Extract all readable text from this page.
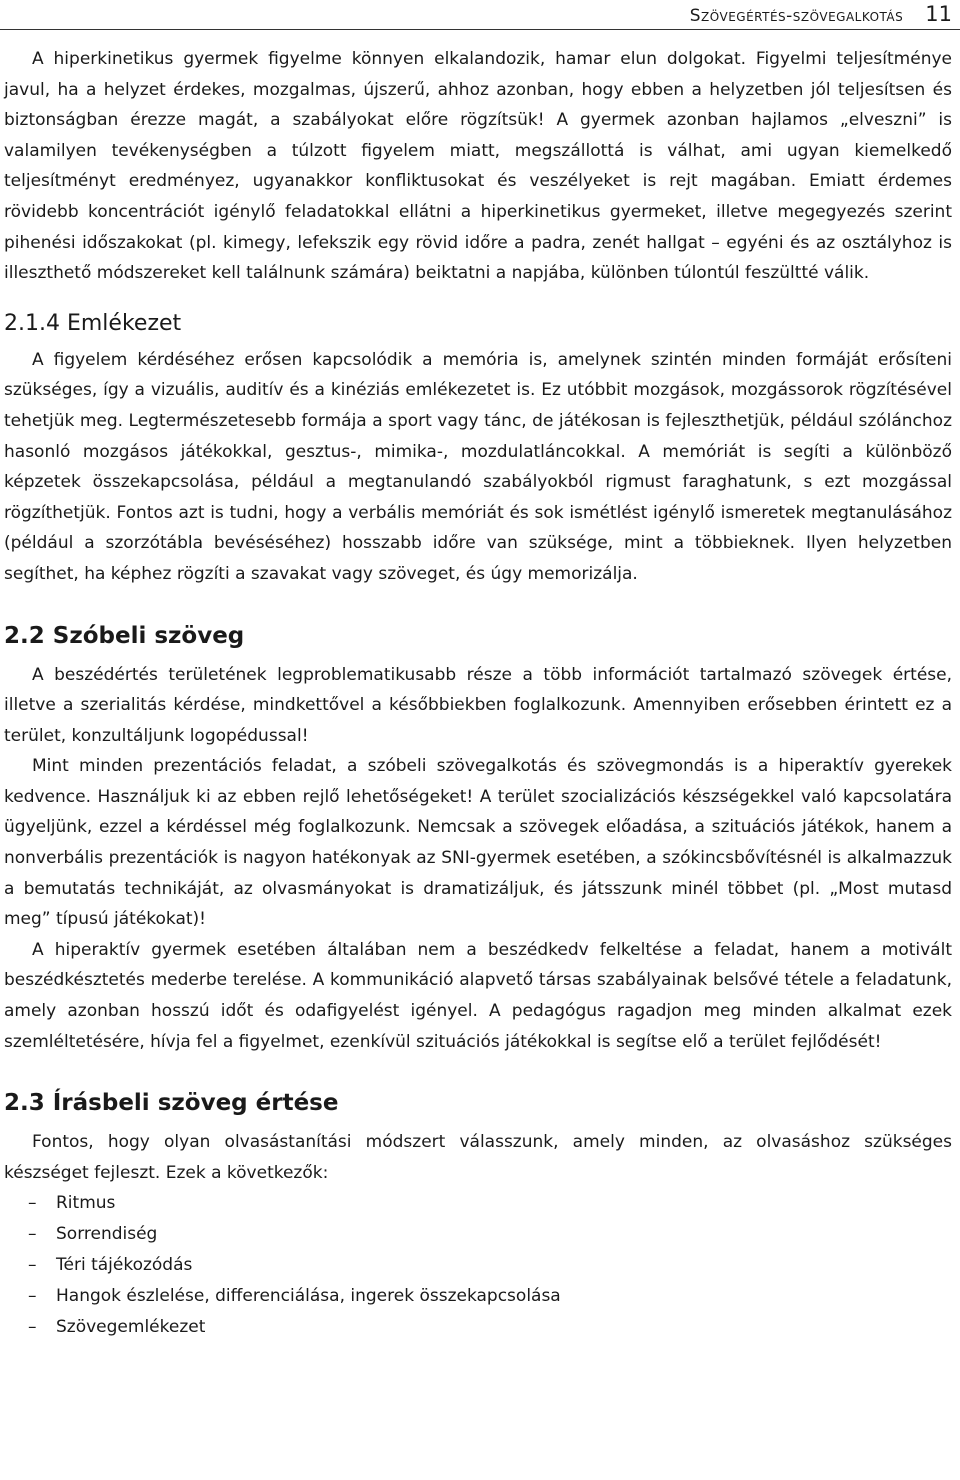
Szövegértés-szövegalkotás 11

A hiperkinetikus gyermek figyelme könnyen elkalandozik, hamar elun dolgokat. Figyelmi teljesítménye javul, ha a helyzet érdekes, mozgalmas, újszerű, ahhoz azonban, hogy ebben a helyzetben jól teljesítsen és biztonságban érezze magát, a szabályokat előre rögzítsük! A gyermek azonban hajlamos „elveszni” is valamilyen tevékenységben a túlzott figyelem miatt, megszállottá is válhat, ami ugyan kiemelkedő teljesítményt eredményez, ugyanakkor konfliktusokat és veszélyeket is rejt magában. Emiatt érdemes rövidebb koncentrációt igénylő feladatokkal ellátni a hiperkinetikus gyermeket, illetve megegyezés szerint pihenési időszakokat (pl. kimegy, lefekszik egy rövid időre a padra, zenét hallgat – egyéni és az osztályhoz is illeszthető módszereket kell találnunk számára) beiktatni a napjába, különben túlontúl feszültté válik.

2.1.4 Emlékezet

A figyelem kérdéséhez erősen kapcsolódik a memória is, amelynek szintén minden formáját erősíteni szükséges, így a vizuális, auditív és a kinéziás emlékezetet is. Ez utóbbit mozgások, mozgássorok rögzítésével tehetjük meg. Legtermészetesebb formája a sport vagy tánc, de játékosan is fejleszthetjük, például szólánchoz hasonló mozgásos játékokkal, gesztus-, mimika-, mozdulatláncokkal. A memóriát is segíti a különböző képzetek összekapcsolása, például a megtanulandó szabályokból rigmust faraghatunk, s ezt mozgással rögzíthetjük. Fontos azt is tudni, hogy a verbális memóriát és sok ismétlést igénylő ismeretek megtanulásához (például a szorzótábla bevéséséhez) hosszabb időre van szüksége, mint a többieknek. Ilyen helyzetben segíthet, ha képhez rögzíti a szavakat vagy szöveget, és úgy memorizálja.

2.2 Szóbeli szöveg

A beszédértés területének legproblematikusabb része a több információt tartalmazó szövegek értése, illetve a szerialitás kérdése, mindkettővel a későbbiekben foglalkozunk. Amennyiben erősebben érintett ez a terület, konzultáljunk logopédussal!

Mint minden prezentációs feladat, a szóbeli szövegalkotás és szövegmondás is a hiperaktív gyerekek kedvence. Használjuk ki az ebben rejlő lehetőségeket! A terület szocializációs készségekkel való kapcsolatára ügyeljünk, ezzel a kérdéssel még foglalkozunk. Nemcsak a szövegek előadása, a szituációs játékok, hanem a nonverbális prezentációk is nagyon hatékonyak az SNI-gyermek esetében, a szókincsbővítésnél is alkalmazzuk a bemutatás technikáját, az olvasmányokat is dramatizáljuk, és játsszunk minél többet (pl. „Most mutasd meg” típusú játékokat)!

A hiperaktív gyermek esetében általában nem a beszédkedv felkeltése a feladat, hanem a motivált beszédkésztetés mederbe terelése. A kommunikáció alapvető társas szabályainak belsővé tétele a feladatunk, amely azonban hosszú időt és odafigyelést igényel. A pedagógus ragadjon meg minden alkalmat ezek szemléltetésére, hívja fel a figyelmet, ezenkívül szituációs játékokkal is segítse elő a terület fejlődését!

2.3 Írásbeli szöveg értése

Fontos, hogy olyan olvasástanítási módszert válasszunk, amely minden, az olvasáshoz szükséges készséget fejleszt. Ezek a következők:

– Ritmus
– Sorrendiség
– Téri tájékozódás
– Hangok észlelése, differenciálása, ingerek összekapcsolása
– Szövegemlékezet
